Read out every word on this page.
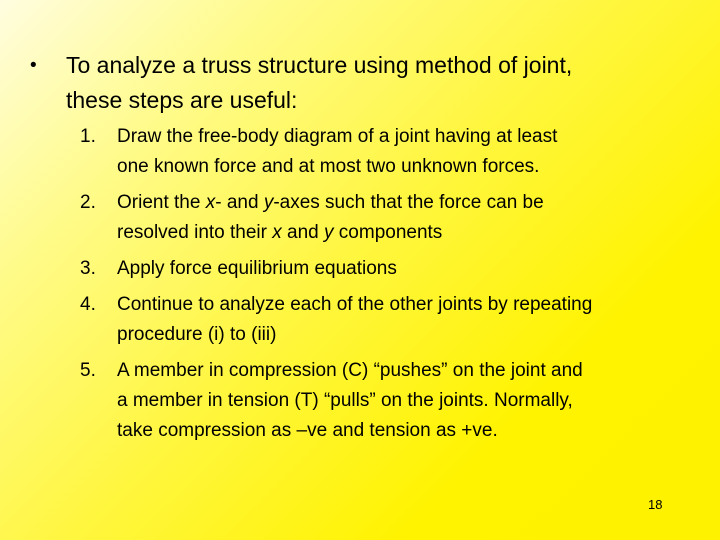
• To analyze a truss structure using method of joint,
these steps are useful:
1. Draw the free-body diagram of a joint having at least
one known force and at most two unknown forces.
2. Orient the x- and y-axes such that the force can be
resolved into their x and y components
3. Apply force equilibrium equations
4. Continue to analyze each of the other joints by repeating
procedure (i) to (iii)
5. A member in compression (C) “pushes” on the joint and
a member in tension (T) “pulls” on the joints. Normally,
take compression as –ve and tension as +ve.
18
